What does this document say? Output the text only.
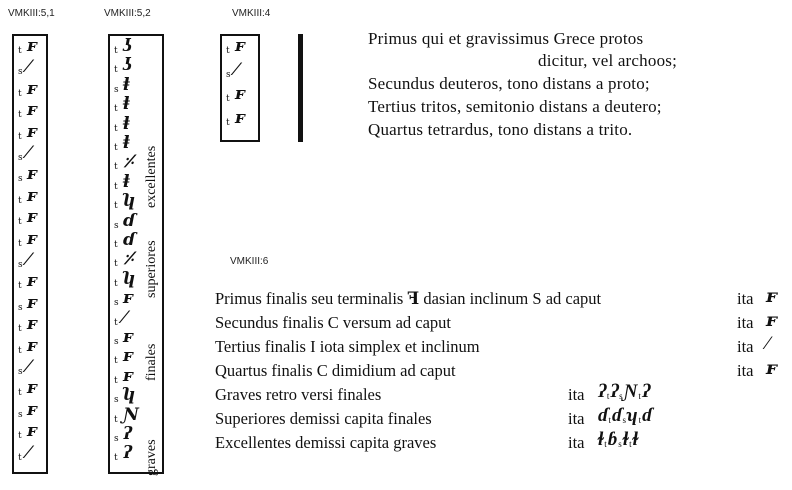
VMKIII:5,1	VMKIII:5,2	VMKIII:4
VMKIII:6
t ꜰ
s ⁄
t ꜰ
t ꜰ
t ꜰ
s ⁄
s ꜰ
t ꜰ
t ꜰ
t ꜰ
s ⁄
t ꜰ
s ꜰ
t ꜰ
t ꜰ
s ⁄
t ꜰ
s ꜰ
t ꜰ
t ⁄
excellentes
superiores
finales
graves
t ʖ
t ʖ
s ⱡ
t ⱡ
t ⱡ
t ⱡ
t ⸓
t ⱡ
t ʮ
s ɗ
t ɗ
t ⸓
t ʮ
s ꜰ
t ⁄
s ꜰ
t ꜰ
t ꜰ
s ʮ
t Ɲ
s ʔ
t ʔ
t ꜰ
s ⁄
t ꜰ
t ꜰ
Primus qui et gravissimus Grece protos
dicitur, vel archoos;
Secundus deuteros, tono distans a proto;
Tertius tritos, semitonio distans a deutero;
Quartus tetrardus, tono distans a trito.
Primus finalis seu terminalis ꟻ dasian inclinum S ad caput
Secundus finalis C versum ad caput
Tertius finalis I iota simplex et inclinum
Quartus finalis C dimidium ad caput
Graves retro versi finales
Superiores demissi capita finales
Excellentes demissi capita graves
ita
ita
ita
ita
ita
ita
ita
ꜰ
ꜰ
⁄
ꜰ
$ʔ_tʔ_sƝ_tʔ$
ɗ$_t$ɗ$_s$ʮ$_t$ɗ
ɫ$_t$ɓ$_s$ɫ$_t$ɫ
